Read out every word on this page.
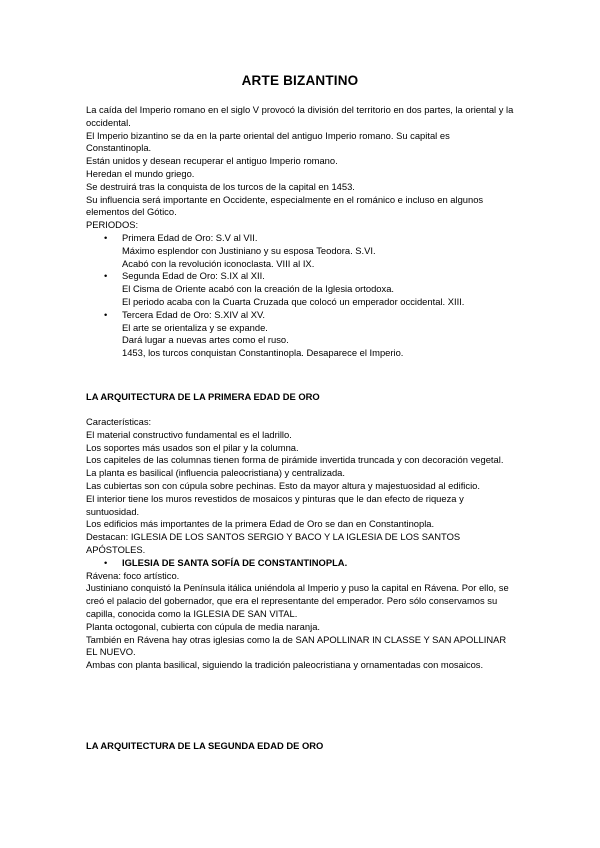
ARTE BIZANTINO

La caída del Imperio romano en el siglo V provocó la división del territorio en dos partes, la oriental y la occidental.

El Imperio bizantino se da en la parte oriental del antiguo Imperio romano. Su capital es Constantinopla.

Están unidos y desean recuperar el antiguo Imperio romano.

Heredan el mundo griego.

Se destruirá tras la conquista de los turcos de la capital en 1453.

Su influencia será importante en Occidente, especialmente en el románico e incluso en algunos elementos del Gótico.

PERIODOS:

• Primera Edad de Oro: S.V al VII.
Máximo esplendor con Justiniano y su esposa Teodora. S.VI.
Acabó con la revolución iconoclasta. VIII al IX.
• Segunda Edad de Oro: S.IX al XII.
El Cisma de Oriente acabó con la creación de la Iglesia ortodoxa.
El periodo acaba con la Cuarta Cruzada que colocó un emperador occidental. XIII.
• Tercera Edad de Oro: S.XIV al XV.
El arte se orientaliza y se expande.
Dará lugar a nuevas artes como el ruso.
1453, los turcos conquistan Constantinopla. Desaparece el Imperio.
LA ARQUITECTURA DE LA PRIMERA EDAD DE ORO

Características:

El material constructivo fundamental es el ladrillo.

Los soportes más usados son el pilar y la columna.

Los capiteles de las columnas tienen forma de pirámide invertida truncada y con decoración vegetal.

La planta es basilical (influencia paleocristiana) y centralizada.

Las cubiertas son con cúpula sobre pechinas. Esto da mayor altura y majestuosidad al edificio.

El interior tiene los muros revestidos de mosaicos y pinturas que le dan efecto de riqueza y suntuosidad.

Los edificios más importantes de la primera Edad de Oro se dan en Constantinopla.

Destacan: IGLESIA DE LOS SANTOS SERGIO Y BACO Y LA IGLESIA DE LOS SANTOS APÓSTOLES.

• IGLESIA DE SANTA SOFÍA DE CONSTANTINOPLA.

Rávena: foco artístico.

Justiniano conquistó la Península itálica uniéndola al Imperio y puso la capital en Rávena. Por ello, se creó el palacio del gobernador, que era el representante del emperador. Pero sólo conservamos su capilla, conocida como la IGLESIA DE SAN VITAL.

Planta octogonal, cubierta con cúpula de media naranja.

También en Rávena hay otras iglesias como la de SAN APOLLINAR IN CLASSE Y SAN APOLLINAR EL NUEVO.

Ambas con planta basilical, siguiendo la tradición paleocristiana y ornamentadas con mosaicos.

LA ARQUITECTURA DE LA SEGUNDA EDAD DE ORO
